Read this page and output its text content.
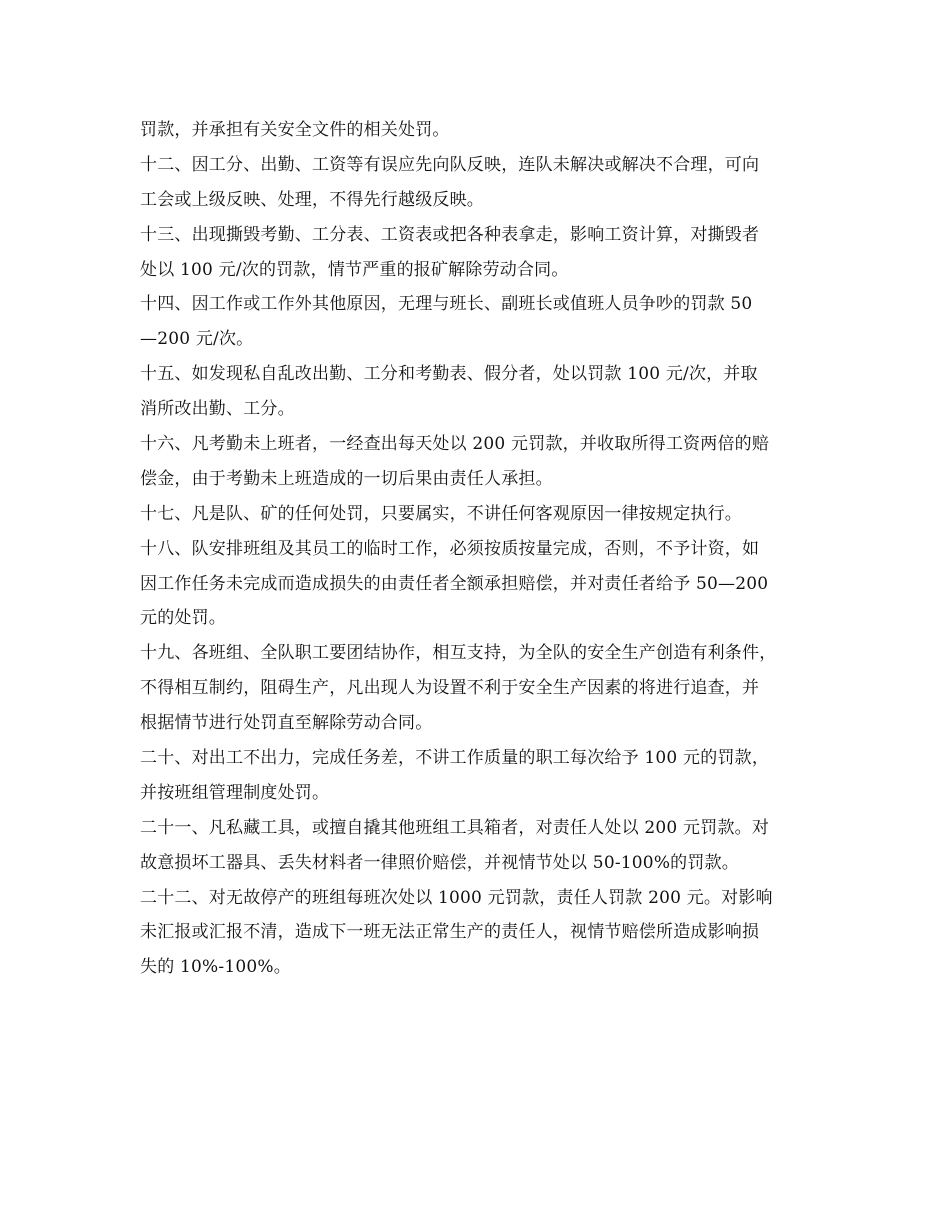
罚款，并承担有关安全文件的相关处罚。
十二、因工分、出勤、工资等有误应先向队反映，连队未解决或解决不合理，可向
工会或上级反映、处理，不得先行越级反映。
十三、出现撕毁考勤、工分表、工资表或把各种表拿走，影响工资计算，对撕毁者
处以 100 元/次的罚款，情节严重的报矿解除劳动合同。
十四、因工作或工作外其他原因，无理与班长、副班长或值班人员争吵的罚款 50
—200 元/次。
十五、如发现私自乱改出勤、工分和考勤表、假分者，处以罚款 100 元/次，并取
消所改出勤、工分。
十六、凡考勤未上班者，一经查出每天处以 200 元罚款，并收取所得工资两倍的赔
偿金，由于考勤未上班造成的一切后果由责任人承担。
十七、凡是队、矿的任何处罚，只要属实，不讲任何客观原因一律按规定执行。
十八、队安排班组及其员工的临时工作，必须按质按量完成，否则，不予计资，如
因工作任务未完成而造成损失的由责任者全额承担赔偿，并对责任者给予 50—200
元的处罚。
十九、各班组、全队职工要团结协作，相互支持，为全队的安全生产创造有利条件，
不得相互制约，阻碍生产，凡出现人为设置不利于安全生产因素的将进行追查，并
根据情节进行处罚直至解除劳动合同。
二十、对出工不出力，完成任务差，不讲工作质量的职工每次给予 100 元的罚款，
并按班组管理制度处罚。
二十一、凡私藏工具，或擅自撬其他班组工具箱者，对责任人处以 200 元罚款。对
故意损坏工器具、丢失材料者一律照价赔偿，并视情节处以 50-100%的罚款。
二十二、对无故停产的班组每班次处以 1000 元罚款，责任人罚款 200 元。对影响
未汇报或汇报不清，造成下一班无法正常生产的责任人，视情节赔偿所造成影响损
失的 10%-100%。
